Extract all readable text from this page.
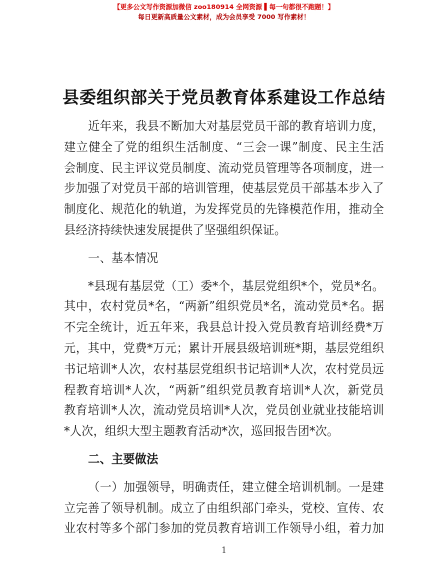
【更多公文写作资源加微信 zoo180914 全网资源 ▌每一句都很不跑题！】
每日更新高质量公文素材，成为会员享受 7000 写作素材！
县委组织部关于党员教育体系建设工作总结
近年来，我县不断加大对基层党员干部的教育培训力度，
建立健全了党的组织生活制度、“三会一课”制度、民主生活
会制度、民主评议党员制度、流动党员管理等各项制度，进一
步加强了对党员干部的培训管理，使基层党员干部基本步入了
制度化、规范化的轨道，为发挥党员的先锋模范作用，推动全
县经济持续快速发展提供了坚强组织保证。
一、基本情况
*县现有基层党（工）委*个，基层党组织*个，党员*名。
其中，农村党员*名，“两新”组织党员*名，流动党员*名。据
不完全统计，近五年来，我县总计投入党员教育培训经费*万
元，其中，党费*万元；累计开展县级培训班*期，基层党组织
书记培训*人次，农村基层党组织书记培训*人次，农村党员远
程教育培训*人次，“两新”组织党员教育培训*人次，新党员
教育培训*人次，流动党员培训*人次，党员创业就业技能培训
*人次，组织大型主题教育活动*次，巡回报告团*次。
二、主要做法
（一）加强领导，明确责任，建立健全培训机制。一是建
立完善了领导机制。成立了由组织部门牵头，党校、宣传、农
业农村等多个部门参加的党员教育培训工作领导小组，着力加
1
